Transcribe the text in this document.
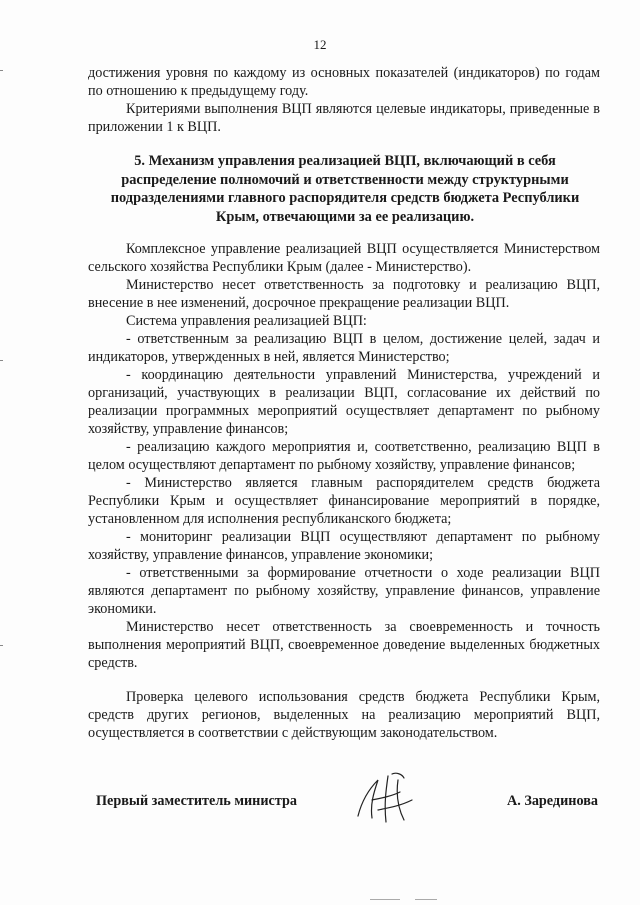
12

достижения уровня по каждому из основных показателей (индикаторов) по годам по отношению к предыдущему году.

Критериями выполнения ВЦП являются целевые индикаторы, приведенные в приложении 1 к ВЦП.

5. Механизм управления реализацией ВЦП, включающий в себя распределение полномочий и ответственности между структурными подразделениями главного распорядителя средств бюджета Республики Крым, отвечающими за ее реализацию.

Комплексное управление реализацией ВЦП осуществляется Министерством сельского хозяйства Республики Крым (далее - Министерство).

Министерство несет ответственность за подготовку и реализацию ВЦП, внесение в нее изменений, досрочное прекращение реализации ВЦП.

Система управления реализацией ВЦП:

- ответственным за реализацию ВЦП в целом, достижение целей, задач и индикаторов, утвержденных в ней, является Министерство;

- координацию деятельности управлений Министерства, учреждений и организаций, участвующих в реализации ВЦП, согласование их действий по реализации программных мероприятий осуществляет департамент по рыбному хозяйству, управление финансов;

- реализацию каждого мероприятия и, соответственно, реализацию ВЦП в целом осуществляют департамент по рыбному хозяйству, управление финансов;

- Министерство является главным распорядителем средств бюджета Республики Крым и осуществляет финансирование мероприятий в порядке, установленном для исполнения республиканского бюджета;

- мониторинг реализации ВЦП осуществляют департамент по рыбному хозяйству, управление финансов, управление экономики;

- ответственными за формирование отчетности о ходе реализации ВЦП являются департамент по рыбному хозяйству, управление финансов, управление экономики.

Министерство несет ответственность за своевременность и точность выполнения мероприятий ВЦП, своевременное доведение выделенных бюджетных средств.

Проверка целевого использования средств бюджета Республики Крым, средств других регионов, выделенных на реализацию мероприятий ВЦП, осуществляется в соответствии с действующим законодательством.

Первый заместитель министра	А. Зарединова
